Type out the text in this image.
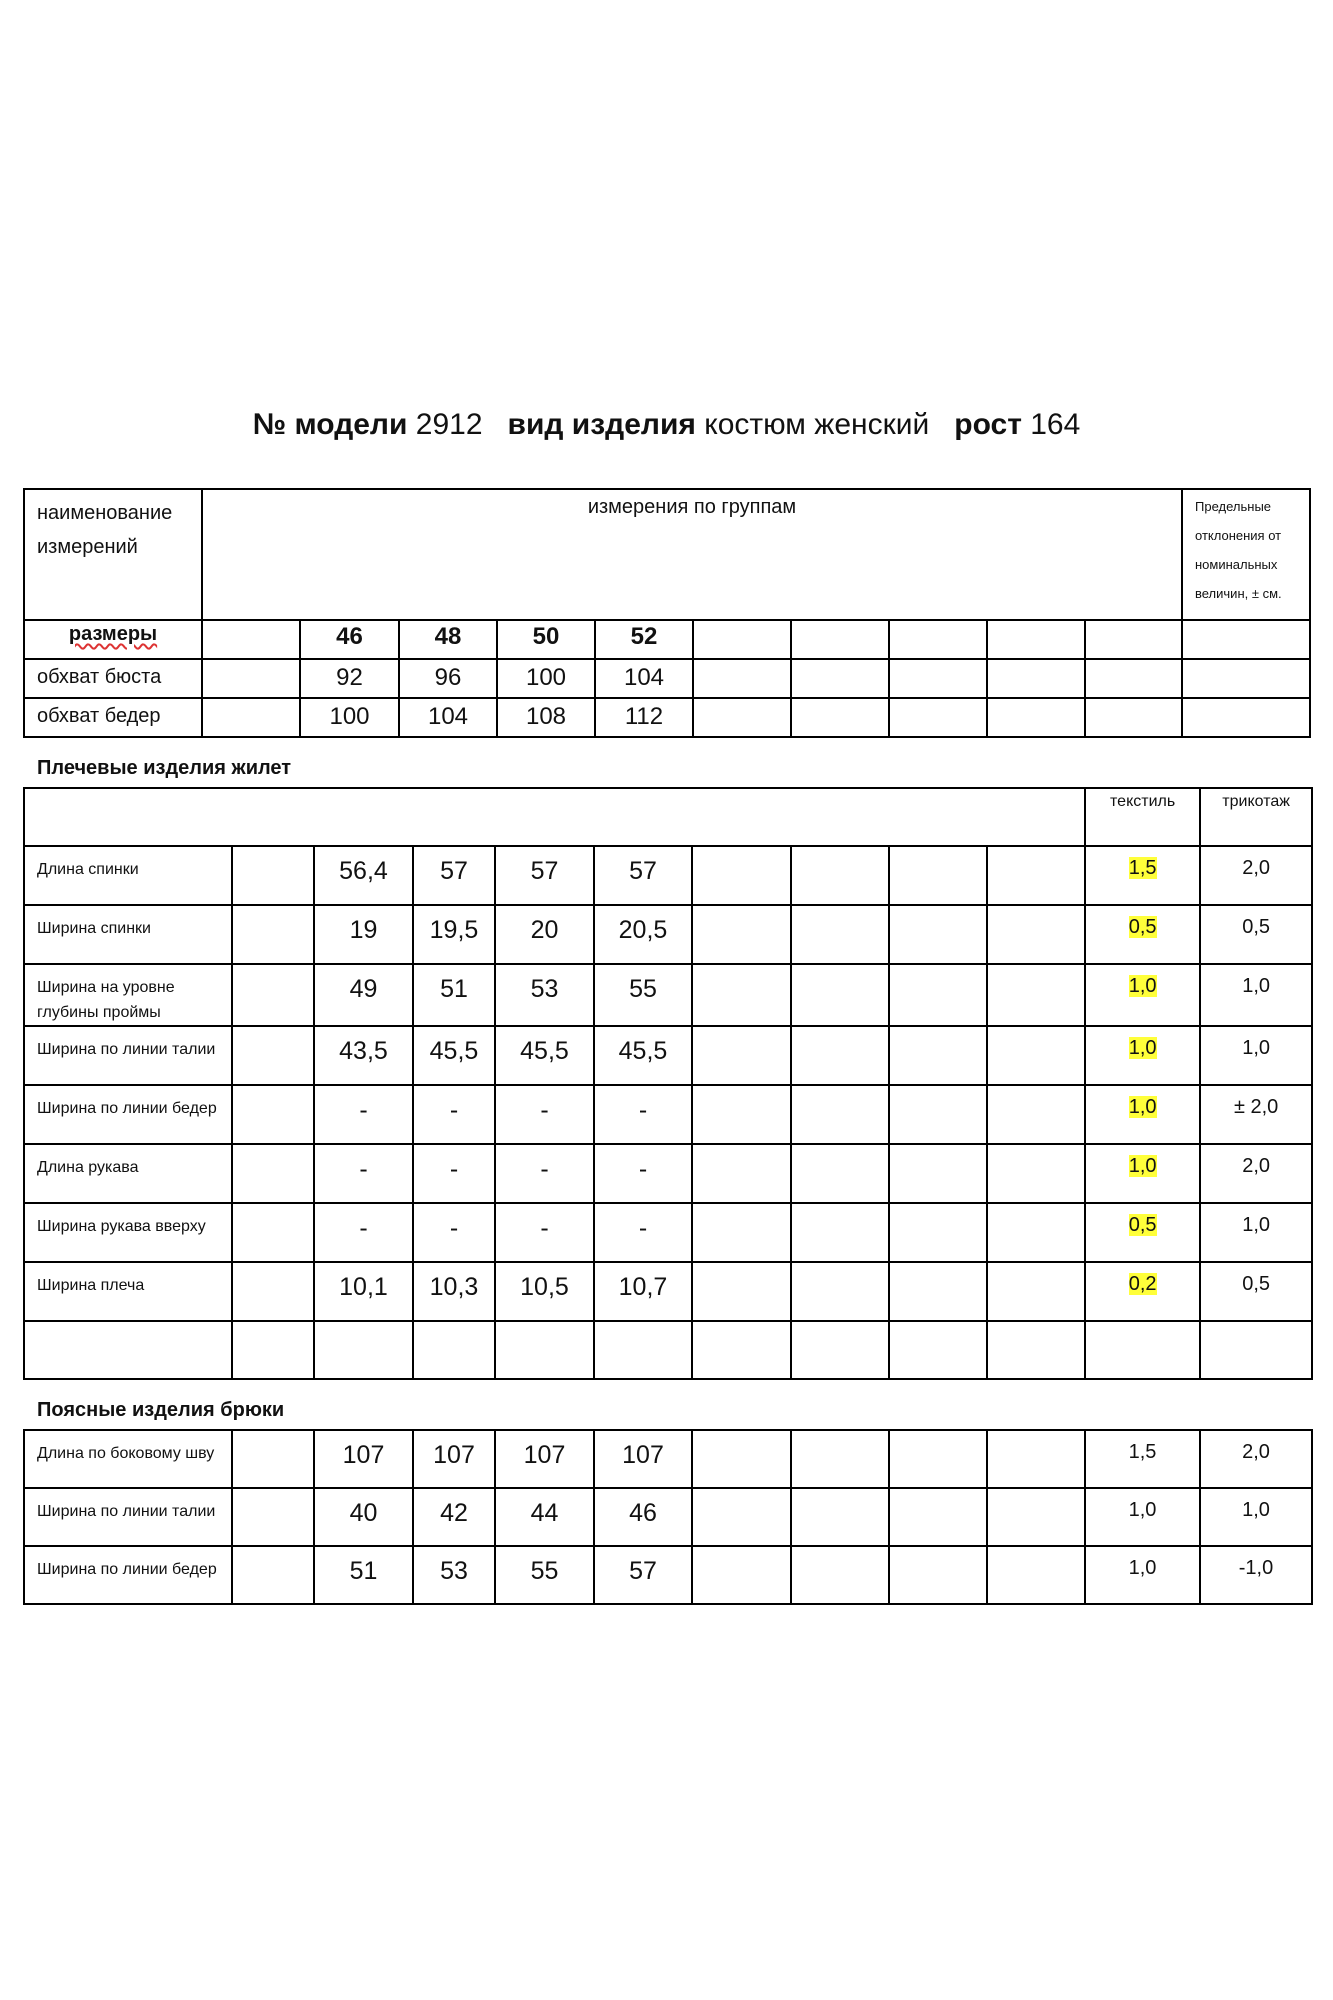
№ модели 2912 вид изделия костюм женский рост 164
наименование измерений	измерения по группам										Предельные отклонения от номинальных величин, ± см.
размеры		46	48	50	52						
обхват бюста		92	96	100	104						
обхват бедер		100	104	108	112						
Плечевые изделия жилет
										текстиль	трикотаж
Длина спинки		56,4	57	57	57					1,5	2,0
Ширина спинки		19	19,5	20	20,5					0,5	0,5
Ширина на уровне глубины проймы		49	51	53	55					1,0	1,0
Ширина по линии талии		43,5	45,5	45,5	45,5					1,0	1,0
Ширина по линии бедер		-	-	-	-					1,0	± 2,0
Длина рукава		-	-	-	-					1,0	2,0
Ширина рукава вверху		-	-	-	-					0,5	1,0
Ширина плеча		10,1	10,3	10,5	10,7					0,2	0,5

Поясные изделия брюки
Длина по боковому шву		107	107	107	107					1,5	2,0
Ширина по линии талии		40	42	44	46					1,0	1,0
Ширина по линии бедер		51	53	55	57					1,0	-1,0
